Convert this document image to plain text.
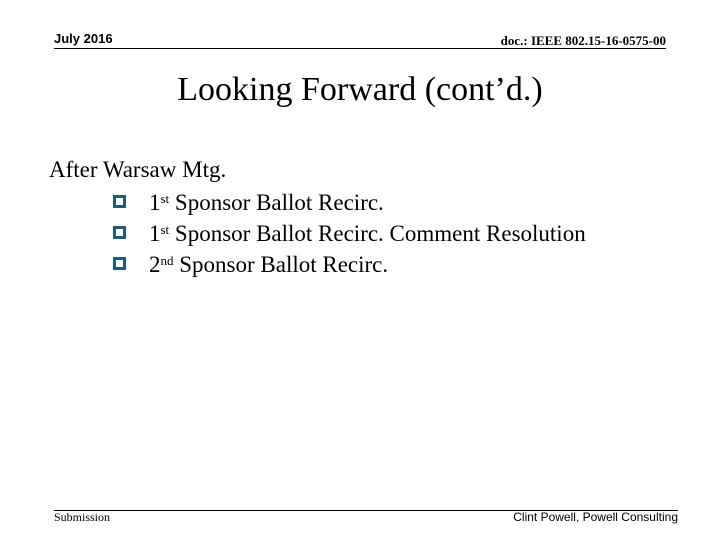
July 2016	doc.: IEEE 802.15-16-0575-00
Looking Forward (cont’d.)
After Warsaw Mtg.
1st Sponsor Ballot Recirc.
1st Sponsor Ballot Recirc. Comment Resolution
2nd Sponsor Ballot Recirc.
Submission	Clint Powell, Powell Consulting
